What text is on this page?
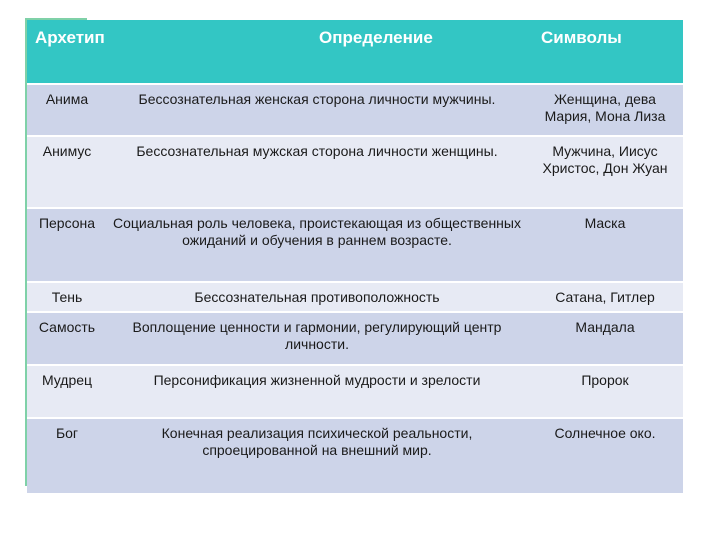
Архетип	Определение	Символы
Анима	Бессознательная женская сторона личности мужчины.	Женщина, дева Мария, Мона Лиза
Анимус	Бессознательная мужская сторона личности женщины.	Мужчина, Иисус Христос, Дон Жуан
Персона	Социальная роль человека, проистекающая из общественных ожиданий и обучения в раннем возрасте.	Маска
Тень	Бессознательная противоположность	Сатана, Гитлер
Самость	Воплощение ценности и гармонии, регулирующий центр личности.	Мандала
Мудрец	Персонификация жизненной мудрости и зрелости	Пророк
Бог	Конечная реализация психической реальности, спроецированной на внешний мир.	Солнечное око.
